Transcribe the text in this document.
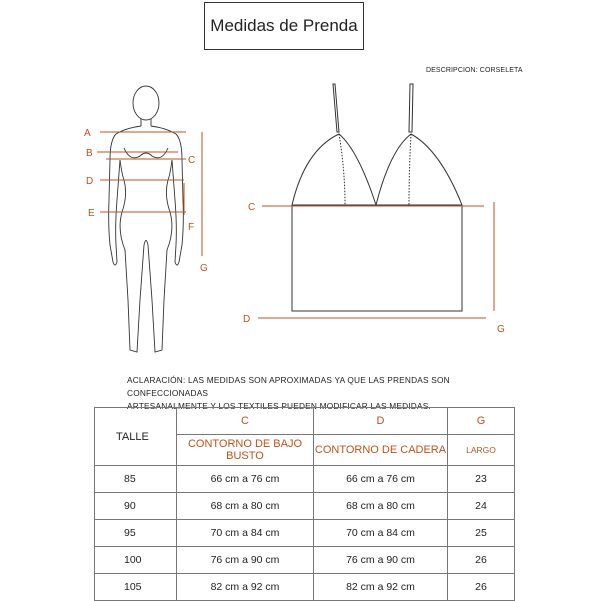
Medidas de Prenda
DESCRIPCION: CORSELETA
A
B
C
D
E
F
G
C
D
G
ACLARACIÓN: LAS MEDIDAS SON APROXIMADAS YA QUE LAS PRENDAS SON CONFECCIONADAS
ARTESANALMENTE Y LOS TEXTILES PUEDEN MODIFICAR LAS MEDIDAS.
TALLE	C	D	G
	CONTORNO DE BAJO BUSTO	CONTORNO DE CADERA	LARGO
85	66 cm a 76 cm	66 cm a 76 cm	23
90	68 cm a 80 cm	68 cm a 80 cm	24
95	70 cm a 84 cm	70 cm a 84 cm	25
100	76 cm a 90 cm	76 cm a 90 cm	26
105	82 cm a 92 cm	82 cm a 92 cm	26
